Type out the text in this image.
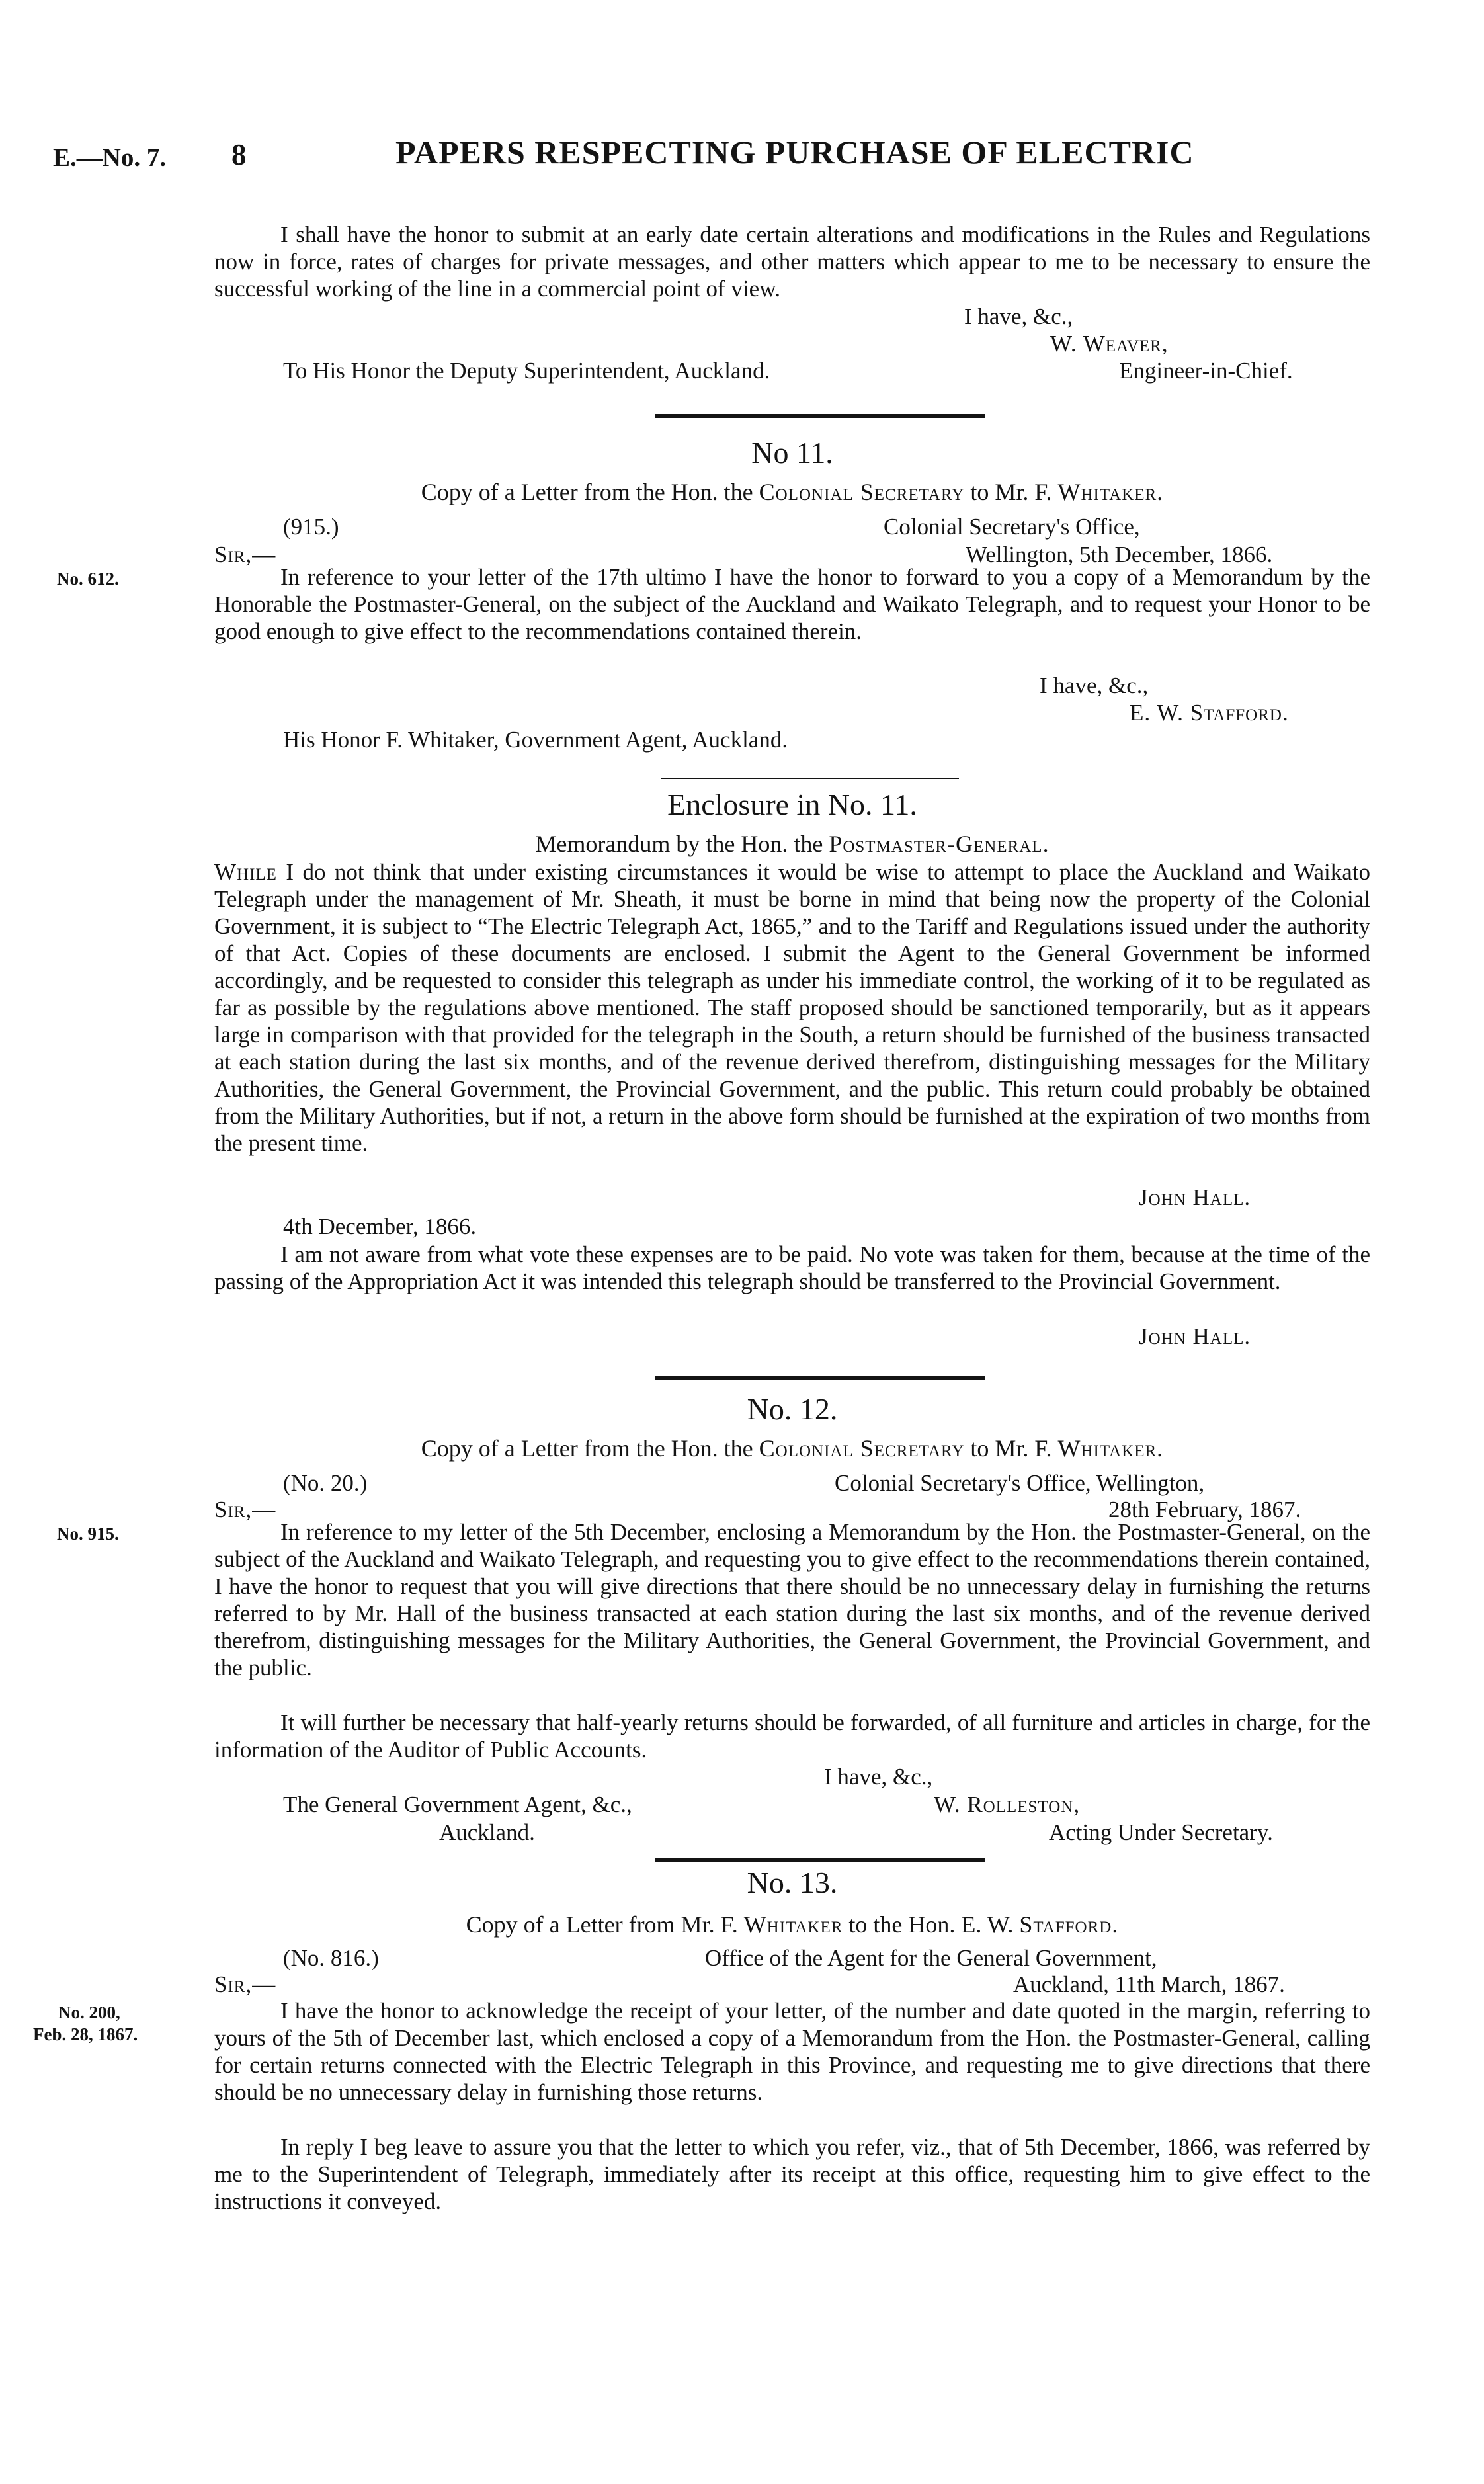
E.—No. 7. 8	PAPERS RESPECTING PURCHASE OF ELECTRIC
I shall have the honor to submit at an early date certain alterations and modifications in the Rules and Regulations now in force, rates of charges for private messages, and other matters which appear to me to be necessary to ensure the successful working of the line in a commercial point of view.
I have, &c.,
W. Weaver,
To His Honor the Deputy Superintendent, Auckland.	Engineer-in-Chief.
No 11.
Copy of a Letter from the Hon. the Colonial Secretary to Mr. F. Whitaker.
(915.)	Colonial Secretary's Office,
Sir,—	Wellington, 5th December, 1866.
No. 612.	In reference to your letter of the 17th ultimo I have the honor to forward to you a copy of a Memorandum by the Honorable the Postmaster-General, on the subject of the Auckland and Waikato Telegraph, and to request your Honor to be good enough to give effect to the recommendations contained therein.
I have, &c.,
E. W. Stafford.
His Honor F. Whitaker, Government Agent, Auckland.
Enclosure in No. 11.
Memorandum by the Hon. the Postmaster-General.
While I do not think that under existing circumstances it would be wise to attempt to place the Auckland and Waikato Telegraph under the management of Mr. Sheath, it must be borne in mind that being now the property of the Colonial Government, it is subject to “The Electric Telegraph Act, 1865,” and to the Tariff and Regulations issued under the authority of that Act. Copies of these documents are enclosed. I submit the Agent to the General Government be informed accordingly, and be requested to consider this telegraph as under his immediate control, the working of it to be regulated as far as possible by the regulations above mentioned. The staff proposed should be sanctioned temporarily, but as it appears large in comparison with that provided for the telegraph in the South, a return should be furnished of the business transacted at each station during the last six months, and of the revenue derived therefrom, distinguishing messages for the Military Authorities, the General Government, the Provincial Government, and the public. This return could probably be obtained from the Military Authorities, but if not, a return in the above form should be furnished at the expiration of two months from the present time.
John Hall.
4th December, 1866.
I am not aware from what vote these expenses are to be paid. No vote was taken for them, because at the time of the passing of the Appropriation Act it was intended this telegraph should be transferred to the Provincial Government.
John Hall.
No. 12.
Copy of a Letter from the Hon. the Colonial Secretary to Mr. F. Whitaker.
(No. 20.)	Colonial Secretary's Office, Wellington,
Sir,—	28th February, 1867.
No. 915.	In reference to my letter of the 5th December, enclosing a Memorandum by the Hon. the Postmaster-General, on the subject of the Auckland and Waikato Telegraph, and requesting you to give effect to the recommendations therein contained, I have the honor to request that you will give directions that there should be no unnecessary delay in furnishing the returns referred to by Mr. Hall of the business transacted at each station during the last six months, and of the revenue derived therefrom, distinguishing messages for the Military Authorities, the General Government, the Provincial Government, and the public.
It will further be necessary that half-yearly returns should be forwarded, of all furniture and articles in charge, for the information of the Auditor of Public Accounts.
I have, &c.,
The General Government Agent, &c.,	W. Rolleston,
Auckland.	Acting Under Secretary.
No. 13.
Copy of a Letter from Mr. F. Whitaker to the Hon. E. W. Stafford.
(No. 816.)	Office of the Agent for the General Government,
Sir,—	Auckland, 11th March, 1867.
No. 200,
Feb. 28, 1867.
I have the honor to acknowledge the receipt of your letter, of the number and date quoted in the margin, referring to yours of the 5th of December last, which enclosed a copy of a Memorandum from the Hon. the Postmaster-General, calling for certain returns connected with the Electric Telegraph in this Province, and requesting me to give directions that there should be no unnecessary delay in furnishing those returns.
In reply I beg leave to assure you that the letter to which you refer, viz., that of 5th December, 1866, was referred by me to the Superintendent of Telegraph, immediately after its receipt at this office, requesting him to give effect to the instructions it conveyed.
